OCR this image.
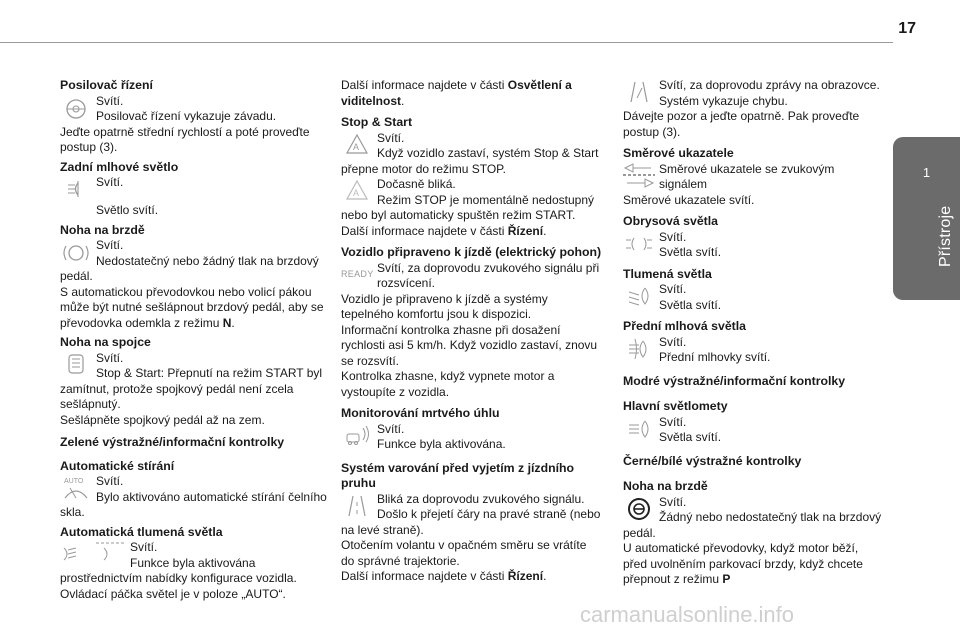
17
1
Přístroje

Posilovač řízení

Svítí.

Posilovač řízení vykazuje závadu.

Jeďte opatrně střední rychlostí a poté proveďte postup (3).

Zadní mlhové světlo

Svítí.

Světlo svítí.

Noha na brzdě

Svítí.

Nedostatečný nebo žádný tlak na brzdový pedál.

S automatickou převodovkou nebo volicí pákou může být nutné sešlápnout brzdový pedál, aby se převodovka odemkla z režimu N.

Noha na spojce

Svítí.

Stop & Start: Přepnutí na režim START byl zamítnut, protože spojkový pedál není zcela sešlápnutý.

Sešlápněte spojkový pedál až na zem.

Zelené výstražné/informační kontrolky

Automatické stírání

AUTO	Svítí.

Bylo aktivováno automatické stírání čelního skla.

Automatická tlumená světla

Svítí.

Funkce byla aktivována prostřednictvím nabídky konfigurace vozidla.

Ovládací páčka světel je v poloze „AUTO“.

Další informace najdete v části Osvětlení a viditelnost.

Stop & Start

A

Svítí.

Když vozidlo zastaví, systém Stop & Start přepne motor do režimu STOP.

A

Dočasně bliká.

Režim STOP je momentálně nedostupný nebo byl automaticky spuštěn režim START.

Další informace najdete v části Řízení.

Vozidlo připraveno k jízdě (elektrický pohon)

READY Svítí, za doprovodu zvukového signálu při rozsvícení.

Vozidlo je připraveno k jízdě a systémy tepelného komfortu jsou k dispozici.

Informační kontrolka zhasne při dosažení rychlosti asi 5 km/h. Když vozidlo zastaví, znovu se rozsvítí.

Kontrolka zhasne, když vypnete motor a vystoupíte z vozidla.

Monitorování mrtvého úhlu

Svítí.

Funkce byla aktivována.

Systém varování před vyjetím z jízdního pruhu

Bliká za doprovodu zvukového signálu.

Došlo k přejetí čáry na pravé straně (nebo na levé straně).

Otočením volantu v opačném směru se vrátíte do správné trajektorie.

Další informace najdete v části Řízení.

Svítí, za doprovodu zprávy na obrazovce.

Systém vykazuje chybu.

Dávejte pozor a jeďte opatrně. Pak proveďte postup (3).

Směrové ukazatele

Směrové ukazatele se zvukovým signálem

Směrové ukazatele svítí.

Obrysová světla

Svítí.

Světla svítí.

Tlumená světla

Svítí.

Světla svítí.

Přední mlhová světla

Svítí.

Přední mlhovky svítí.

Modré výstražné/informační kontrolky

Hlavní světlomety

Svítí.

Světla svítí.

Černé/bílé výstražné kontrolky

Noha na brzdě

Svítí.

Žádný nebo nedostatečný tlak na brzdový pedál.

U automatické převodovky, když motor běží, před uvolněním parkovací brzdy, když chcete přepnout z režimu P

carmanualsonline.info
